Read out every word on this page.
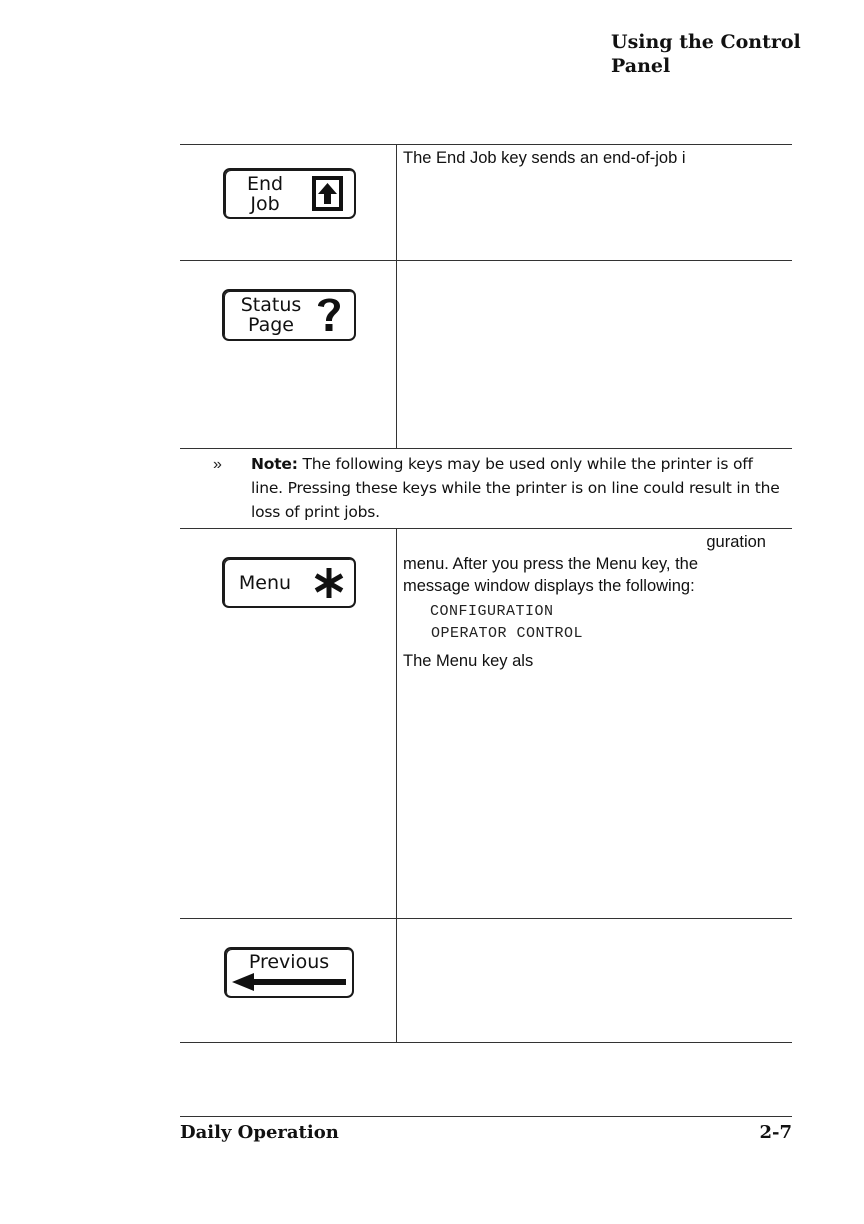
Using the Control Panel
End
Job
The End Job key sends an end-of-job i
Status
Page
» Note: The following keys may be used only while the printer is off line. Pressing these keys while the printer is on line could result in the loss of print jobs.
Menu
guration
menu. After you press the Menu key, the
message window displays the following:
CONFIGURATION
OPERATOR CONTROL
The Menu key als
Previous
Daily Operation	2-7
